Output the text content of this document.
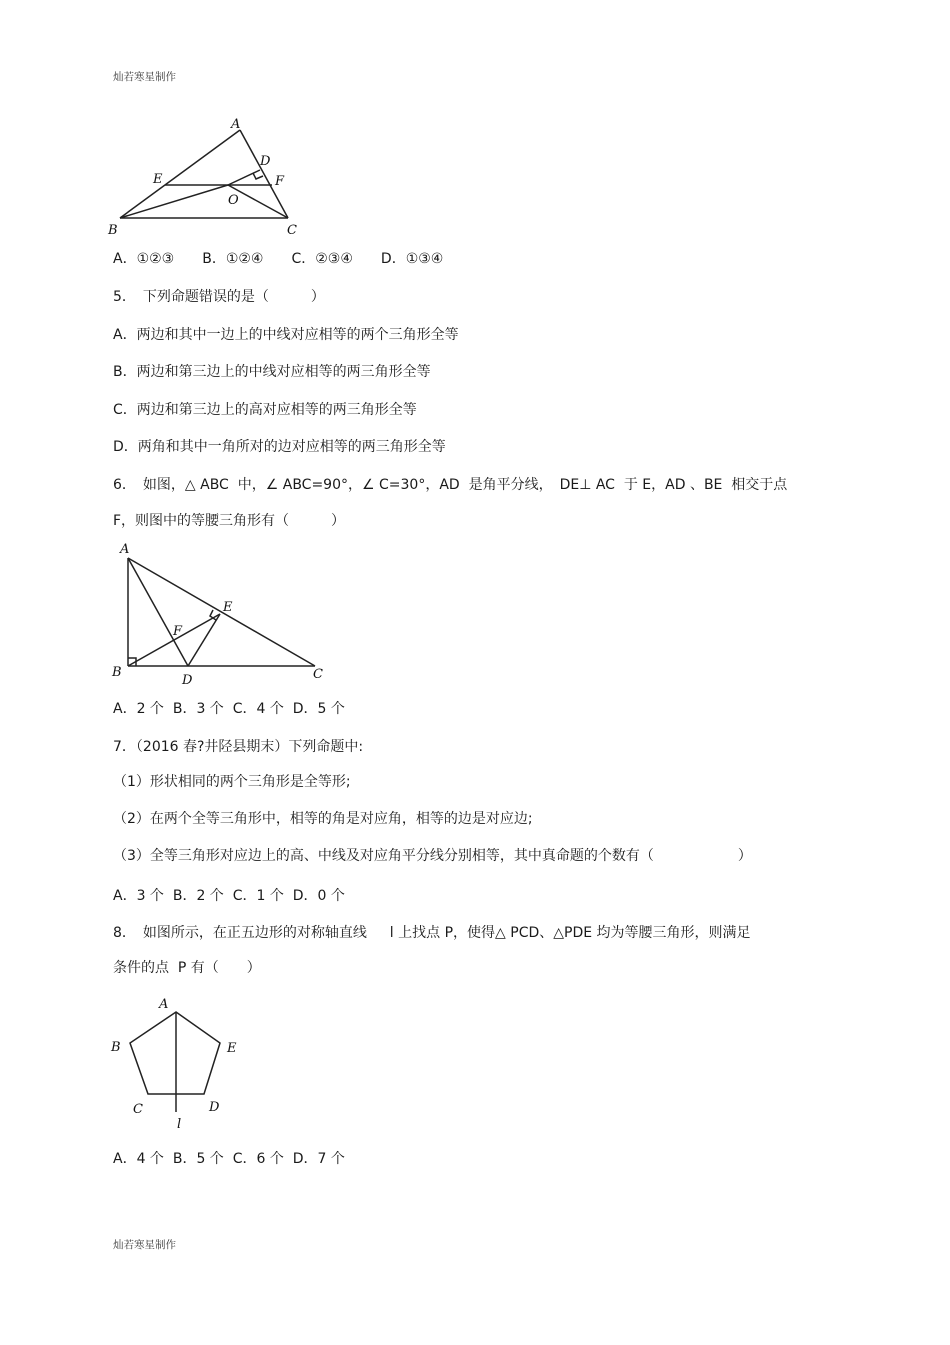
灿若寒星制作
A
B	C
D
E	F
O
A．①②③　　B．①②④　　C．②③④　　D．①③④
5．　下列命题错误的是（　　　）
A．两边和其中一边上的中线对应相等的两个三角形全等
B．两边和第三边上的中线对应相等的两三角形全等
C．两边和第三边上的高对应相等的两三角形全等
D．两角和其中一角所对的边对应相等的两三角形全等
6．　如图，△ ABC  中，∠ ABC=90°，∠ C=30°，AD  是角平分线，　DE⊥ AC  于 E，AD 、BE  相交于点
F，则图中的等腰三角形有（　　　）
A
B	C
D
E
F
A．2 个  B．3 个  C．4 个  D．5 个
7．（2016 春?井陉县期末）下列命题中:
（1）形状相同的两个三角形是全等形;
（2）在两个全等三角形中，相等的角是对应角，相等的边是对应边;
（3）全等三角形对应边上的高、中线及对应角平分线分别相等，其中真命题的个数有（　　　　　　）
A．3 个  B．2 个  C．1 个  D．0 个
8．　如图所示，在正五边形的对称轴直线　  l 上找点 P，使得△ PCD、△PDE 均为等腰三角形，则满足
条件的点  P 有（　　）
A
B
C	D
E
l
A．4 个  B．5 个  C．6 个  D．7 个
灿若寒星制作
